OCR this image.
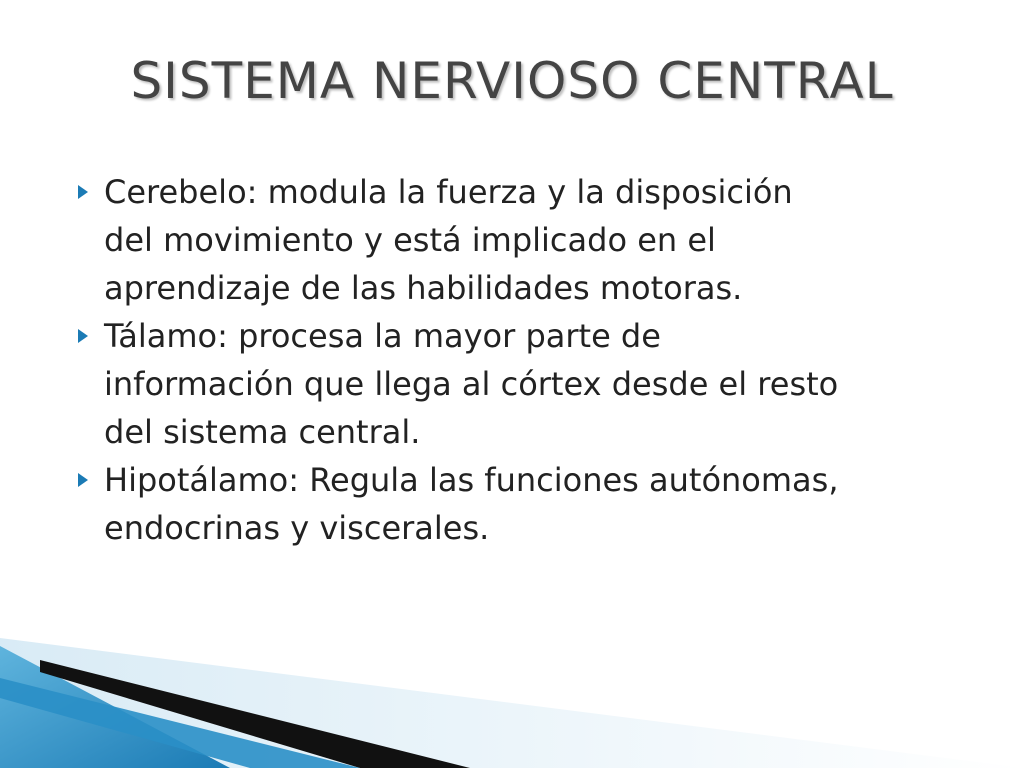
SISTEMA NERVIOSO CENTRAL
Cerebelo: modula la fuerza y la disposición
del movimiento y está implicado en el
aprendizaje de las habilidades motoras.
Tálamo: procesa la mayor parte de
información que llega al córtex desde el resto
del sistema central.
Hipotálamo: Regula las funciones autónomas,
endocrinas y viscerales.
